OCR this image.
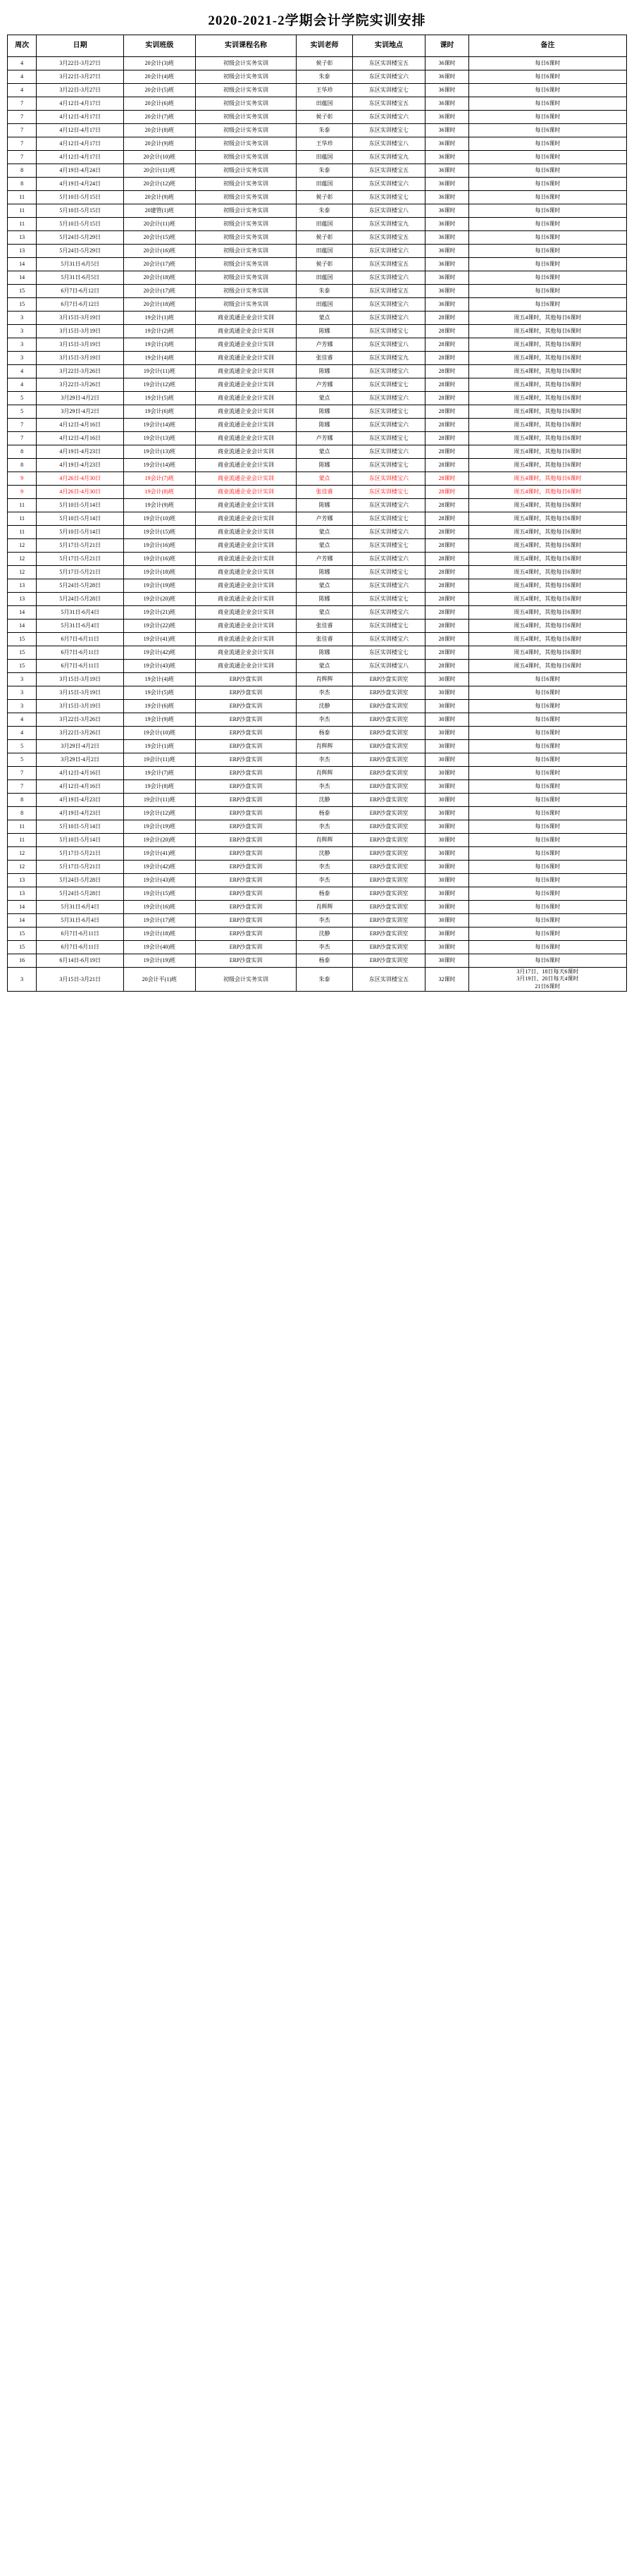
2020-2021-2学期会计学院实训安排
周次	日期	实训班级	实训课程名称	实训老师	实训地点	课时	备注
4	3月22日-3月27日	20会计(3)班	初级会计实务实训	候子彰	东区实训楼宝五	36课时	每日6课时
4	3月22日-3月27日	20会计(4)班	初级会计实务实训	朱泰	东区实训楼宝六	36课时	每日6课时
4	3月22日-3月27日	20会计(5)班	初级会计实务实训	王华珍	东区实训楼宝七	36课时	每日6课时
7	4月12日-4月17日	20会计(6)班	初级会计实务实训	田蕴国	东区实训楼宝五	36课时	每日6课时
7	4月12日-4月17日	20会计(7)班	初级会计实务实训	候子彰	东区实训楼宝六	36课时	每日6课时
7	4月12日-4月17日	20会计(8)班	初级会计实务实训	朱泰	东区实训楼宝七	36课时	每日6课时
7	4月12日-4月17日	20会计(9)班	初级会计实务实训	王华珍	东区实训楼宝八	36课时	每日6课时
7	4月12日-4月17日	20会计(10)班	初级会计实务实训	田蕴国	东区实训楼宝九	36课时	每日6课时
8	4月19日-4月24日	20会计(11)班	初级会计实务实训	朱泰	东区实训楼宝五	36课时	每日6课时
8	4月19日-4月24日	20会计(12)班	初级会计实务实训	田蕴国	东区实训楼宝六	36课时	每日6课时
11	5月10日-5月15日	20会计(9)班	初级会计实务实训	候子彰	东区实训楼宝七	36课时	每日6课时
11	5月10日-5月15日	20建管(1)班	初级会计实务实训	朱泰	东区实训楼宝八	36课时	每日6课时
11	5月10日-5月15日	20会计(11)班	初级会计实务实训	田蕴国	东区实训楼宝九	36课时	每日6课时
13	5月24日-5月29日	20会计(15)班	初级会计实务实训	候子彰	东区实训楼宝五	36课时	每日6课时
13	5月24日-5月29日	20会计(16)班	初级会计实务实训	田蕴国	东区实训楼宝六	36课时	每日6课时
14	5月31日-6月5日	20会计(17)班	初级会计实务实训	候子彰	东区实训楼宝五	36课时	每日6课时
14	5月31日-6月5日	20会计(18)班	初级会计实务实训	田蕴国	东区实训楼宝六	36课时	每日6课时
15	6月7日-6月12日	20会计(17)班	初级会计实务实训	朱泰	东区实训楼宝五	36课时	每日6课时
15	6月7日-6月12日	20会计(18)班	初级会计实务实训	田蕴国	东区实训楼宝六	36课时	每日6课时
3	3月15日-3月19日	19会计(1)班	商业流通企业会计实训	蒙点	东区实训楼宝六	28课时	周五4课时，其他每日6课时
3	3月15日-3月19日	19会计(2)班	商业流通企业会计实训	陈娜	东区实训楼宝七	28课时	周五4课时，其他每日6课时
3	3月15日-3月19日	19会计(3)班	商业流通企业会计实训	卢芳娜	东区实训楼宝八	28课时	周五4课时，其他每日6课时
3	3月15日-3月19日	19会计(4)班	商业流通企业会计实训	张佳睿	东区实训楼宝九	28课时	周五4课时，其他每日6课时
4	3月22日-3月26日	19会计(11)班	商业流通企业会计实训	陈娜	东区实训楼宝六	28课时	周五4课时，其他每日6课时
4	3月22日-3月26日	19会计(12)班	商业流通企业会计实训	卢芳娜	东区实训楼宝七	28课时	周五4课时，其他每日6课时
5	3月29日-4月2日	19会计(5)班	商业流通企业会计实训	蒙点	东区实训楼宝六	28课时	周五4课时，其他每日6课时
5	3月29日-4月2日	19会计(6)班	商业流通企业会计实训	陈娜	东区实训楼宝七	28课时	周五4课时，其他每日6课时
7	4月12日-4月16日	19会计(14)班	商业流通企业会计实训	陈娜	东区实训楼宝六	28课时	周五4课时，其他每日6课时
7	4月12日-4月16日	19会计(13)班	商业流通企业会计实训	卢芳娜	东区实训楼宝七	28课时	周五4课时，其他每日6课时
8	4月19日-4月23日	19会计(13)班	商业流通企业会计实训	蒙点	东区实训楼宝六	28课时	周五4课时，其他每日6课时
8	4月19日-4月23日	19会计(14)班	商业流通企业会计实训	陈娜	东区实训楼宝七	28课时	周五4课时，其他每日6课时
9	4月26日-4月30日	19会计(7)班	商业流通企业会计实训	蒙点	东区实训楼宝六	28课时	周五4课时，其他每日6课时
9	4月26日-4月30日	19会计(8)班	商业流通企业会计实训	张佳睿	东区实训楼宝七	28课时	周五4课时，其他每日6课时
11	5月10日-5月14日	19会计(9)班	商业流通企业会计实训	陈娜	东区实训楼宝六	28课时	周五4课时，其他每日6课时
11	5月10日-5月14日	19会计(10)班	商业流通企业会计实训	卢芳娜	东区实训楼宝七	28课时	周五4课时，其他每日6课时
11	5月10日-5月14日	19会计(15)班	商业流通企业会计实训	蒙点	东区实训楼宝六	28课时	周五4课时，其他每日6课时
12	5月17日-5月21日	19会计(16)班	商业流通企业会计实训	蒙点	东区实训楼宝七	28课时	周五4课时，其他每日6课时
12	5月17日-5月21日	19会计(16)班	商业流通企业会计实训	卢芳娜	东区实训楼宝六	28课时	周五4课时，其他每日6课时
12	5月17日-5月21日	19会计(18)班	商业流通企业会计实训	陈娜	东区实训楼宝七	28课时	周五4课时，其他每日6课时
13	5月24日-5月28日	19会计(19)班	商业流通企业会计实训	蒙点	东区实训楼宝六	28课时	周五4课时，其他每日6课时
13	5月24日-5月28日	19会计(20)班	商业流通企业会计实训	陈娜	东区实训楼宝七	28课时	周五4课时，其他每日6课时
14	5月31日-6月4日	19会计(21)班	商业流通企业会计实训	蒙点	东区实训楼宝六	28课时	周五4课时，其他每日6课时
14	5月31日-6月4日	19会计(22)班	商业流通企业会计实训	张佳睿	东区实训楼宝七	28课时	周五4课时，其他每日6课时
15	6月7日-6月11日	19会计(41)班	商业流通企业会计实训	张佳睿	东区实训楼宝六	28课时	周五4课时，其他每日6课时
15	6月7日-6月11日	19会计(42)班	商业流通企业会计实训	陈娜	东区实训楼宝七	28课时	周五4课时，其他每日6课时
15	6月7日-6月11日	19会计(43)班	商业流通企业会计实训	蒙点	东区实训楼宝八	28课时	周五4课时，其他每日6课时
3	3月15日-3月19日	19会计(4)班	ERP沙盘实训	肖辉辉	ERP沙盘实训室	30课时	每日6课时
3	3月15日-3月19日	19会计(5)班	ERP沙盘实训	李杰	ERP沙盘实训室	30课时	每日6课时
3	3月15日-3月19日	19会计(6)班	ERP沙盘实训	沈静	ERP沙盘实训室	30课时	每日6课时
4	3月22日-3月26日	19会计(9)班	ERP沙盘实训	李杰	ERP沙盘实训室	30课时	每日6课时
4	3月22日-3月26日	19会计(10)班	ERP沙盘实训	杨泰	ERP沙盘实训室	30课时	每日6课时
5	3月29日-4月2日	19会计(1)班	ERP沙盘实训	肖辉辉	ERP沙盘实训室	30课时	每日6课时
5	3月29日-4月2日	19会计(11)班	ERP沙盘实训	李杰	ERP沙盘实训室	30课时	每日6课时
7	4月12日-4月16日	19会计(7)班	ERP沙盘实训	肖辉辉	ERP沙盘实训室	30课时	每日6课时
7	4月12日-4月16日	19会计(8)班	ERP沙盘实训	李杰	ERP沙盘实训室	30课时	每日6课时
8	4月19日-4月23日	19会计(11)班	ERP沙盘实训	沈静	ERP沙盘实训室	30课时	每日6课时
8	4月19日-4月23日	19会计(12)班	ERP沙盘实训	杨泰	ERP沙盘实训室	30课时	每日6课时
11	5月10日-5月14日	19会计(19)班	ERP沙盘实训	李杰	ERP沙盘实训室	30课时	每日6课时
11	5月10日-5月14日	19会计(20)班	ERP沙盘实训	肖辉辉	ERP沙盘实训室	30课时	每日6课时
12	5月17日-5月21日	19会计(41)班	ERP沙盘实训	沈静	ERP沙盘实训室	30课时	每日6课时
12	5月17日-5月21日	19会计(42)班	ERP沙盘实训	李杰	ERP沙盘实训室	30课时	每日6课时
13	5月24日-5月28日	19会计(43)班	ERP沙盘实训	李杰	ERP沙盘实训室	30课时	每日6课时
13	5月24日-5月28日	19会计(15)班	ERP沙盘实训	杨泰	ERP沙盘实训室	30课时	每日6课时
14	5月31日-6月4日	19会计(16)班	ERP沙盘实训	肖辉辉	ERP沙盘实训室	30课时	每日6课时
14	5月31日-6月4日	19会计(17)班	ERP沙盘实训	李杰	ERP沙盘实训室	30课时	每日6课时
15	6月7日-6月11日	19会计(18)班	ERP沙盘实训	沈静	ERP沙盘实训室	30课时	每日6课时
15	6月7日-6月11日	19会计(40)班	ERP沙盘实训	李杰	ERP沙盘实训室	30课时	每日6课时
16	6月14日-6月19日	19会计(19)班	ERP沙盘实训	杨泰	ERP沙盘实训室	30课时	每日6课时
3	3月15日-3月21日	20会计平(1)班	初级会计实务实训	朱泰	东区实训楼宝五	32课时	3月17日、18日每天6课时
3月19日、20日每天4课时
21日6课时
